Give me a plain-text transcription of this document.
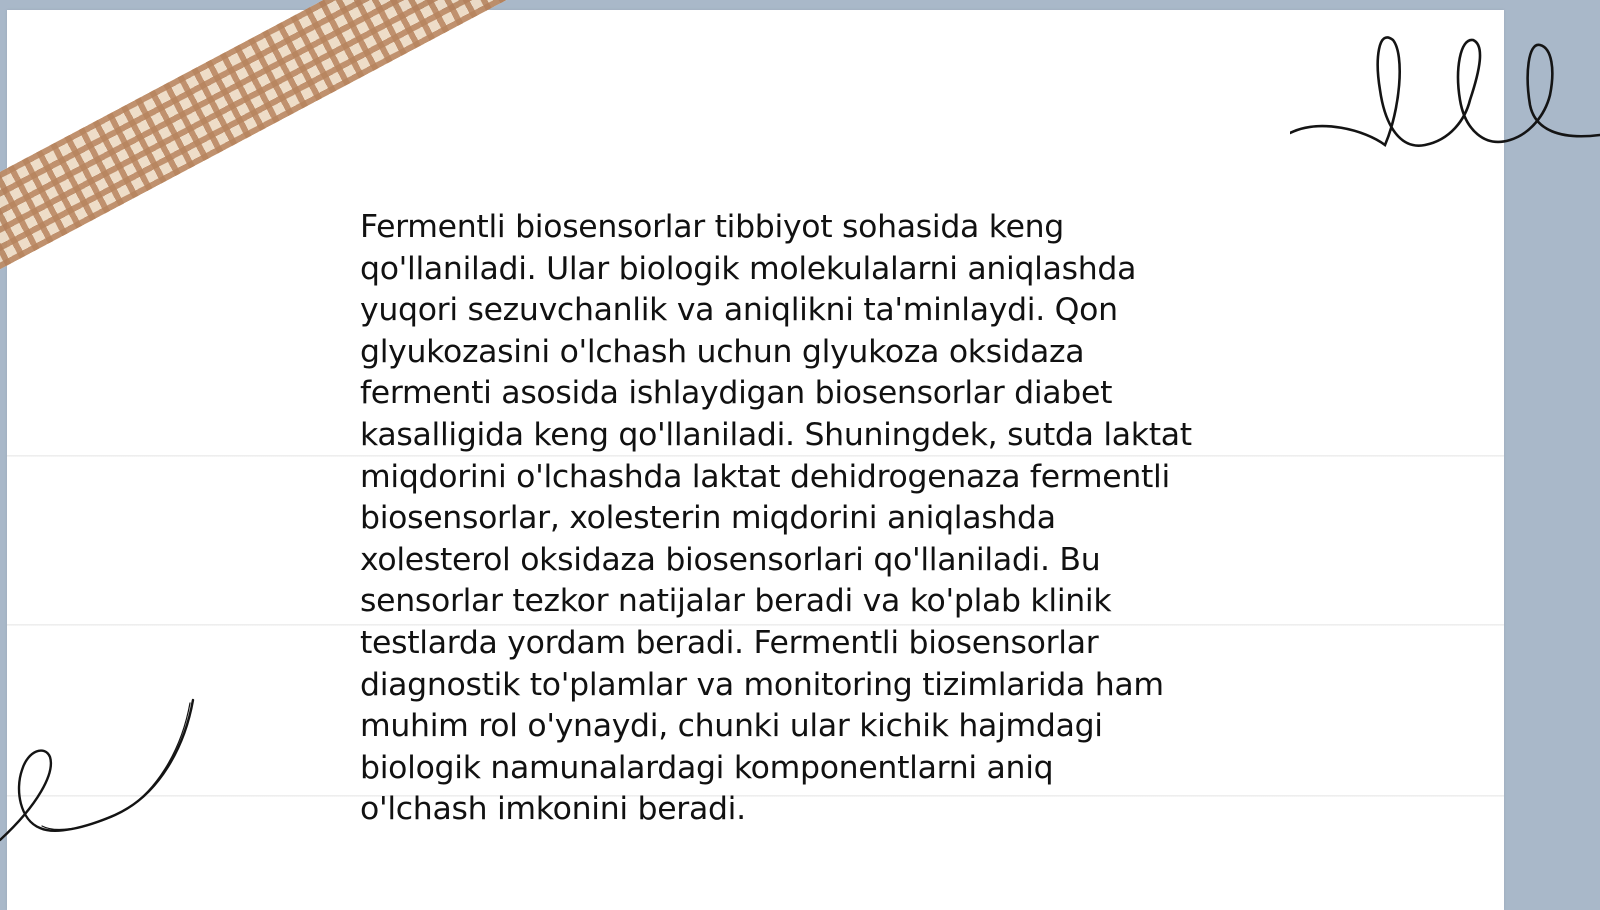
Fermentli biosensorlar tibbiyot sohasida keng
qo'llaniladi. Ular biologik molekulalarni aniqlashda
yuqori sezuvchanlik va aniqlikni ta'minlaydi. Qon
glyukozasini o'lchash uchun glyukoza oksidaza
fermenti asosida ishlaydigan biosensorlar diabet
kasalligida keng qo'llaniladi. Shuningdek, sutda laktat
miqdorini o'lchashda laktat dehidrogenaza fermentli
biosensorlar, xolesterin miqdorini aniqlashda
xolesterol oksidaza biosensorlari qo'llaniladi. Bu
sensorlar tezkor natijalar beradi va ko'plab klinik
testlarda yordam beradi. Fermentli biosensorlar
diagnostik to'plamlar va monitoring tizimlarida ham
muhim rol o'ynaydi, chunki ular kichik hajmdagi
biologik namunalardagi komponentlarni aniq
o'lchash imkonini beradi.
